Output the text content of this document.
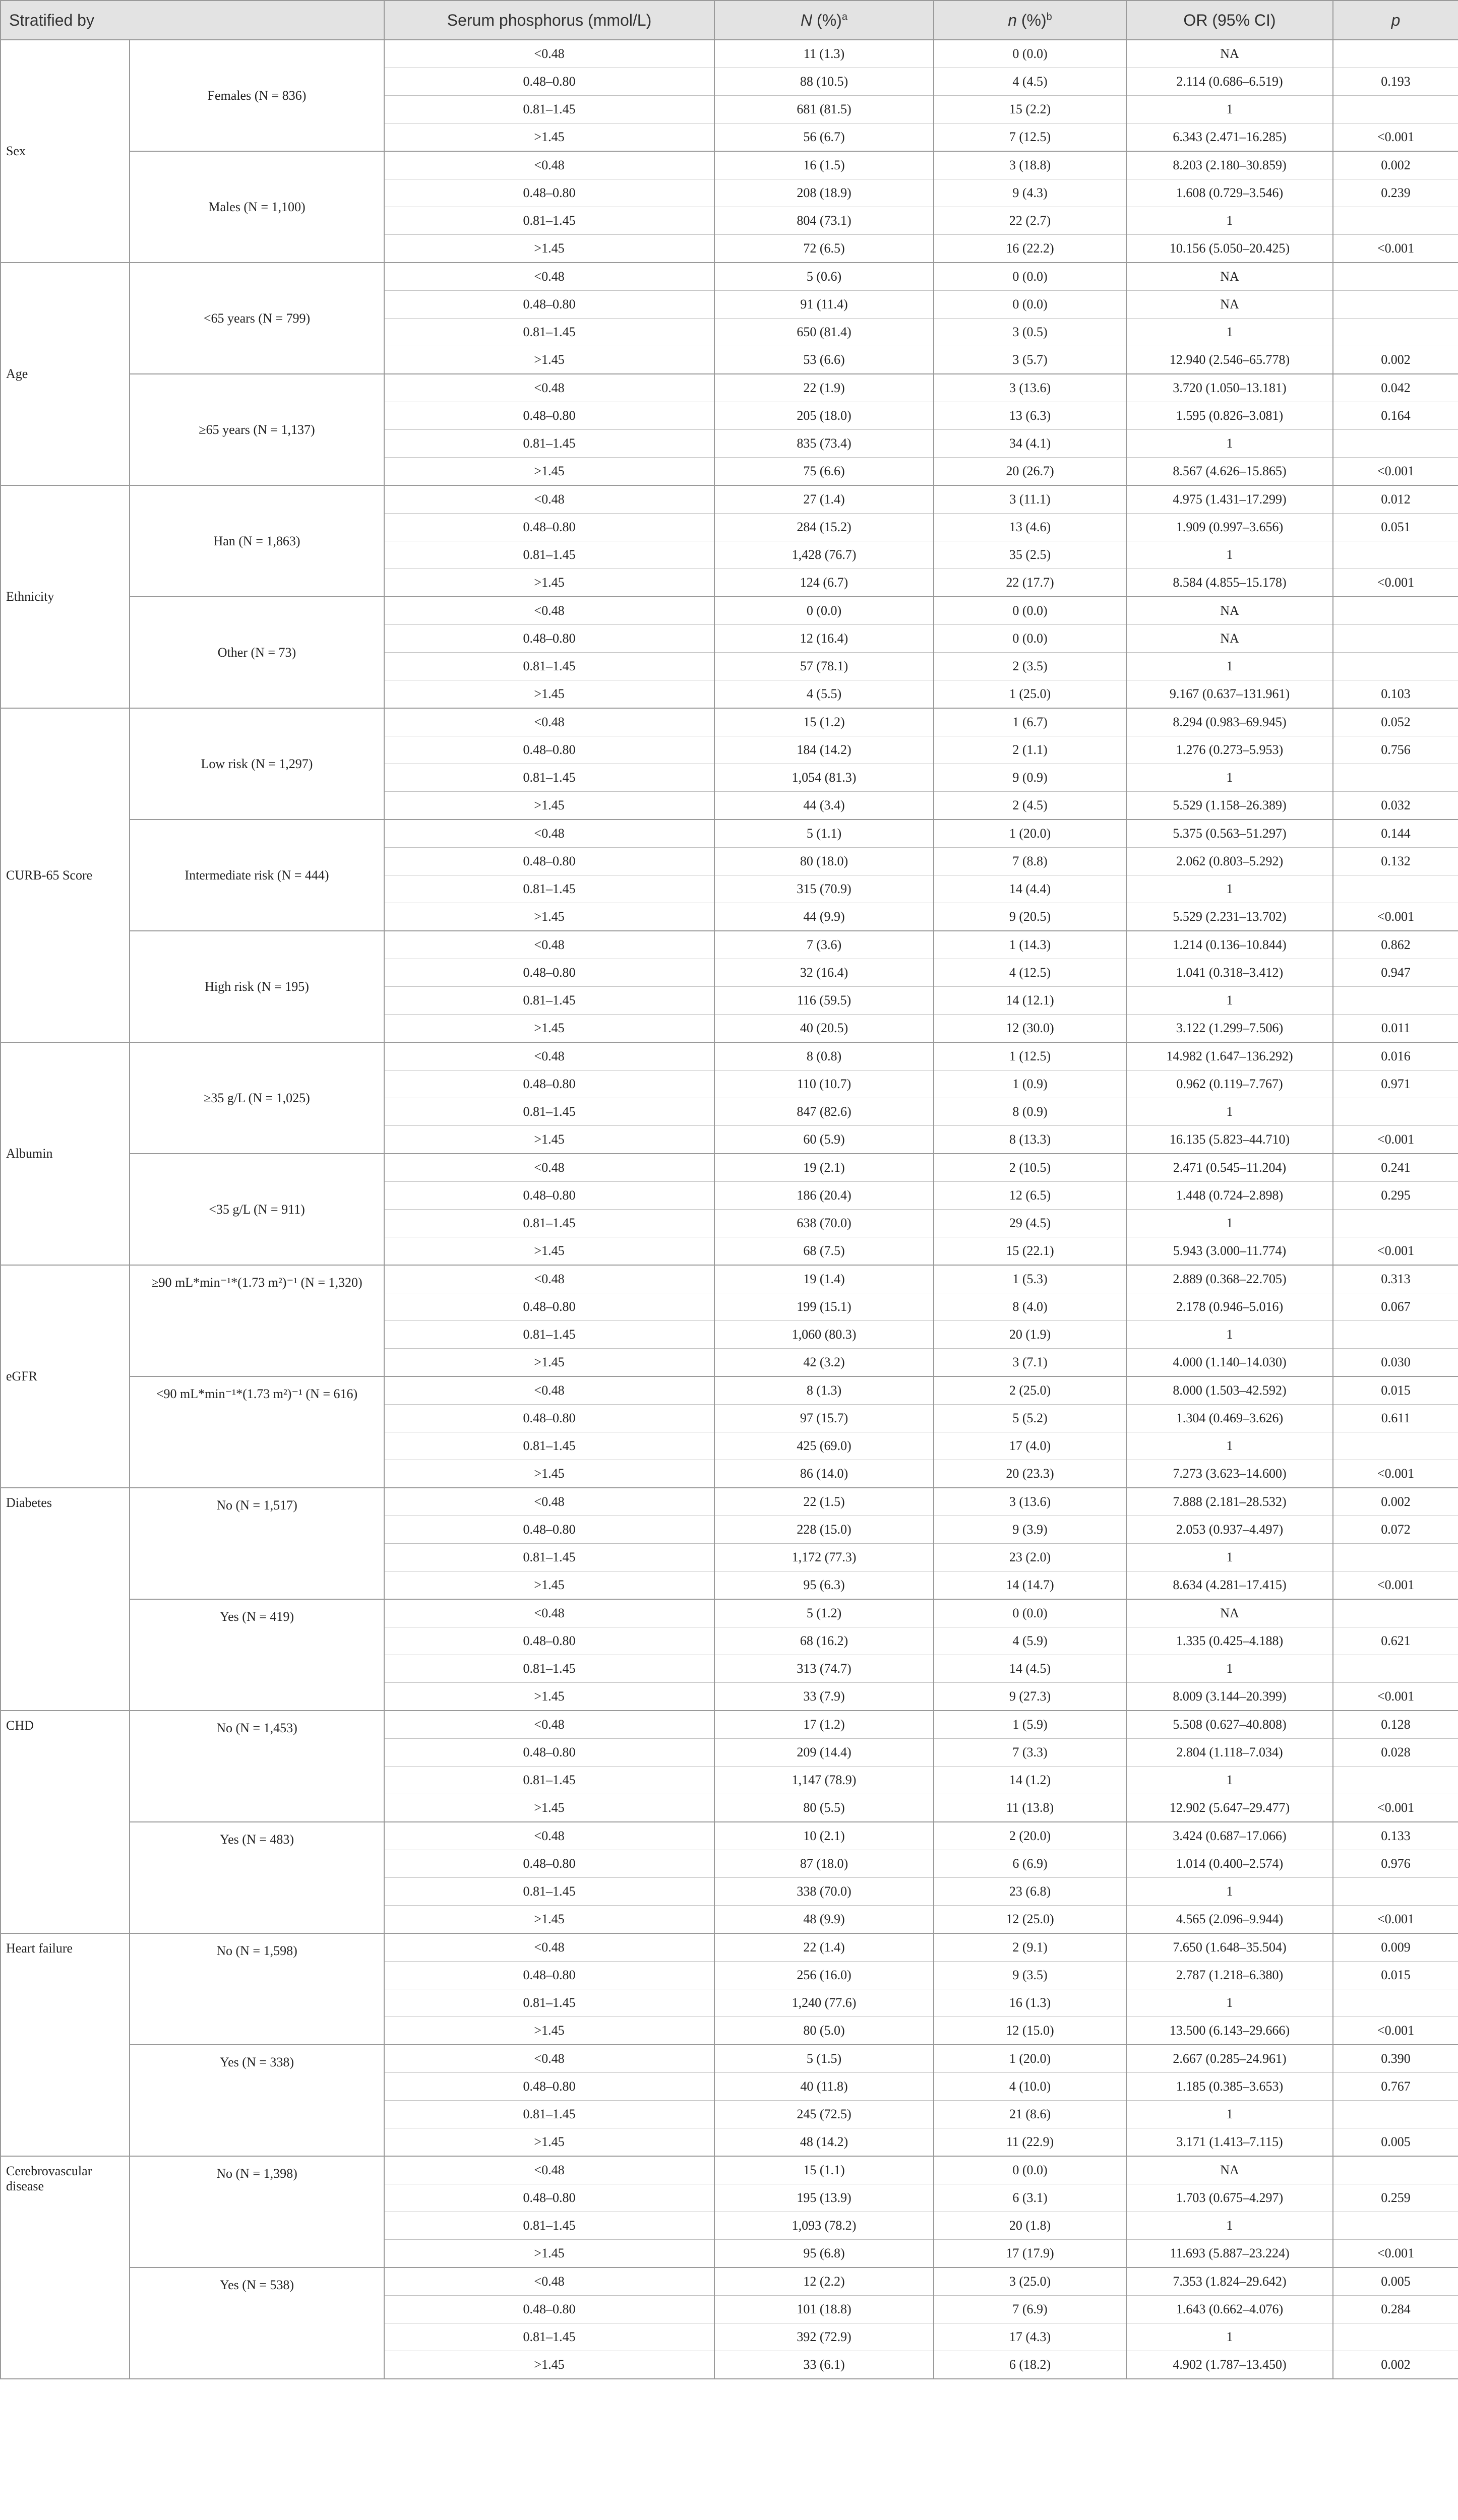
Stratified by		Serum phosphorus (mmol/L)	N (%)$^a$	n (%)$^b$	OR (95% CI)	p
Sex	Females (N = 836)	<0.48	11 (1.3)	0 (0.0)	NA	
		0.48–0.80	88 (10.5)	4 (4.5)	2.114 (0.686–6.519)	0.193
		0.81–1.45	681 (81.5)	15 (2.2)	1	
		>1.45	56 (6.7)	7 (12.5)	6.343 (2.471–16.285)	<0.001
	Males (N = 1,100)	<0.48	16 (1.5)	3 (18.8)	8.203 (2.180–30.859)	0.002
		0.48–0.80	208 (18.9)	9 (4.3)	1.608 (0.729–3.546)	0.239
		0.81–1.45	804 (73.1)	22 (2.7)	1	
		>1.45	72 (6.5)	16 (22.2)	10.156 (5.050–20.425)	<0.001
Age	<65 years (N = 799)	<0.48	5 (0.6)	0 (0.0)	NA	
		0.48–0.80	91 (11.4)	0 (0.0)	NA	
		0.81–1.45	650 (81.4)	3 (0.5)	1	
		>1.45	53 (6.6)	3 (5.7)	12.940 (2.546–65.778)	0.002
	≥65 years (N = 1,137)	<0.48	22 (1.9)	3 (13.6)	3.720 (1.050–13.181)	0.042
		0.48–0.80	205 (18.0)	13 (6.3)	1.595 (0.826–3.081)	0.164
		0.81–1.45	835 (73.4)	34 (4.1)	1	
		>1.45	75 (6.6)	20 (26.7)	8.567 (4.626–15.865)	<0.001
Ethnicity	Han (N = 1,863)	<0.48	27 (1.4)	3 (11.1)	4.975 (1.431–17.299)	0.012
		0.48–0.80	284 (15.2)	13 (4.6)	1.909 (0.997–3.656)	0.051
		0.81–1.45	1,428 (76.7)	35 (2.5)	1	
		>1.45	124 (6.7)	22 (17.7)	8.584 (4.855–15.178)	<0.001
	Other (N = 73)	<0.48	0 (0.0)	0 (0.0)	NA	
		0.48–0.80	12 (16.4)	0 (0.0)	NA	
		0.81–1.45	57 (78.1)	2 (3.5)	1	
		>1.45	4 (5.5)	1 (25.0)	9.167 (0.637–131.961)	0.103
CURB-65 Score	Low risk (N = 1,297)	<0.48	15 (1.2)	1 (6.7)	8.294 (0.983–69.945)	0.052
		0.48–0.80	184 (14.2)	2 (1.1)	1.276 (0.273–5.953)	0.756
		0.81–1.45	1,054 (81.3)	9 (0.9)	1	
		>1.45	44 (3.4)	2 (4.5)	5.529 (1.158–26.389)	0.032
	Intermediate risk (N = 444)	<0.48	5 (1.1)	1 (20.0)	5.375 (0.563–51.297)	0.144
		0.48–0.80	80 (18.0)	7 (8.8)	2.062 (0.803–5.292)	0.132
		0.81–1.45	315 (70.9)	14 (4.4)	1	
		>1.45	44 (9.9)	9 (20.5)	5.529 (2.231–13.702)	<0.001
	High risk (N = 195)	<0.48	7 (3.6)	1 (14.3)	1.214 (0.136–10.844)	0.862
		0.48–0.80	32 (16.4)	4 (12.5)	1.041 (0.318–3.412)	0.947
		0.81–1.45	116 (59.5)	14 (12.1)	1	
		>1.45	40 (20.5)	12 (30.0)	3.122 (1.299–7.506)	0.011
Albumin	≥35 g/L (N = 1,025)	<0.48	8 (0.8)	1 (12.5)	14.982 (1.647–136.292)	0.016
		0.48–0.80	110 (10.7)	1 (0.9)	0.962 (0.119–7.767)	0.971
		0.81–1.45	847 (82.6)	8 (0.9)	1	
		>1.45	60 (5.9)	8 (13.3)	16.135 (5.823–44.710)	<0.001
	<35 g/L (N = 911)	<0.48	19 (2.1)	2 (10.5)	2.471 (0.545–11.204)	0.241
		0.48–0.80	186 (20.4)	12 (6.5)	1.448 (0.724–2.898)	0.295
		0.81–1.45	638 (70.0)	29 (4.5)	1	
		>1.45	68 (7.5)	15 (22.1)	5.943 (3.000–11.774)	<0.001
eGFR	≥90 mL*min⁻¹*(1.73 m²)⁻¹ (N = 1,320)	<0.48	19 (1.4)	1 (5.3)	2.889 (0.368–22.705)	0.313
		0.48–0.80	199 (15.1)	8 (4.0)	2.178 (0.946–5.016)	0.067
		0.81–1.45	1,060 (80.3)	20 (1.9)	1	
		>1.45	42 (3.2)	3 (7.1)	4.000 (1.140–14.030)	0.030
	<90 mL*min⁻¹*(1.73 m²)⁻¹ (N = 616)	<0.48	8 (1.3)	2 (25.0)	8.000 (1.503–42.592)	0.015
		0.48–0.80	97 (15.7)	5 (5.2)	1.304 (0.469–3.626)	0.611
		0.81–1.45	425 (69.0)	17 (4.0)	1	
		>1.45	86 (14.0)	20 (23.3)	7.273 (3.623–14.600)	<0.001
Diabetes	No (N = 1,517)	<0.48	22 (1.5)	3 (13.6)	7.888 (2.181–28.532)	0.002
		0.48–0.80	228 (15.0)	9 (3.9)	2.053 (0.937–4.497)	0.072
		0.81–1.45	1,172 (77.3)	23 (2.0)	1	
		>1.45	95 (6.3)	14 (14.7)	8.634 (4.281–17.415)	<0.001
	Yes (N = 419)	<0.48	5 (1.2)	0 (0.0)	NA	
		0.48–0.80	68 (16.2)	4 (5.9)	1.335 (0.425–4.188)	0.621
		0.81–1.45	313 (74.7)	14 (4.5)	1	
		>1.45	33 (7.9)	9 (27.3)	8.009 (3.144–20.399)	<0.001
CHD	No (N = 1,453)	<0.48	17 (1.2)	1 (5.9)	5.508 (0.627–40.808)	0.128
		0.48–0.80	209 (14.4)	7 (3.3)	2.804 (1.118–7.034)	0.028
		0.81–1.45	1,147 (78.9)	14 (1.2)	1	
		>1.45	80 (5.5)	11 (13.8)	12.902 (5.647–29.477)	<0.001
	Yes (N = 483)	<0.48	10 (2.1)	2 (20.0)	3.424 (0.687–17.066)	0.133
		0.48–0.80	87 (18.0)	6 (6.9)	1.014 (0.400–2.574)	0.976
		0.81–1.45	338 (70.0)	23 (6.8)	1	
		>1.45	48 (9.9)	12 (25.0)	4.565 (2.096–9.944)	<0.001
Heart failure	No (N = 1,598)	<0.48	22 (1.4)	2 (9.1)	7.650 (1.648–35.504)	0.009
		0.48–0.80	256 (16.0)	9 (3.5)	2.787 (1.218–6.380)	0.015
		0.81–1.45	1,240 (77.6)	16 (1.3)	1	
		>1.45	80 (5.0)	12 (15.0)	13.500 (6.143–29.666)	<0.001
	Yes (N = 338)	<0.48	5 (1.5)	1 (20.0)	2.667 (0.285–24.961)	0.390
		0.48–0.80	40 (11.8)	4 (10.0)	1.185 (0.385–3.653)	0.767
		0.81–1.45	245 (72.5)	21 (8.6)	1	
		>1.45	48 (14.2)	11 (22.9)	3.171 (1.413–7.115)	0.005
Cerebrovascular disease	No (N = 1,398)	<0.48	15 (1.1)	0 (0.0)	NA	
		0.48–0.80	195 (13.9)	6 (3.1)	1.703 (0.675–4.297)	0.259
		0.81–1.45	1,093 (78.2)	20 (1.8)	1	
		>1.45	95 (6.8)	17 (17.9)	11.693 (5.887–23.224)	<0.001
	Yes (N = 538)	<0.48	12 (2.2)	3 (25.0)	7.353 (1.824–29.642)	0.005
		0.48–0.80	101 (18.8)	7 (6.9)	1.643 (0.662–4.076)	0.284
		0.81–1.45	392 (72.9)	17 (4.3)	1	
		>1.45	33 (6.1)	6 (18.2)	4.902 (1.787–13.450)	0.002
